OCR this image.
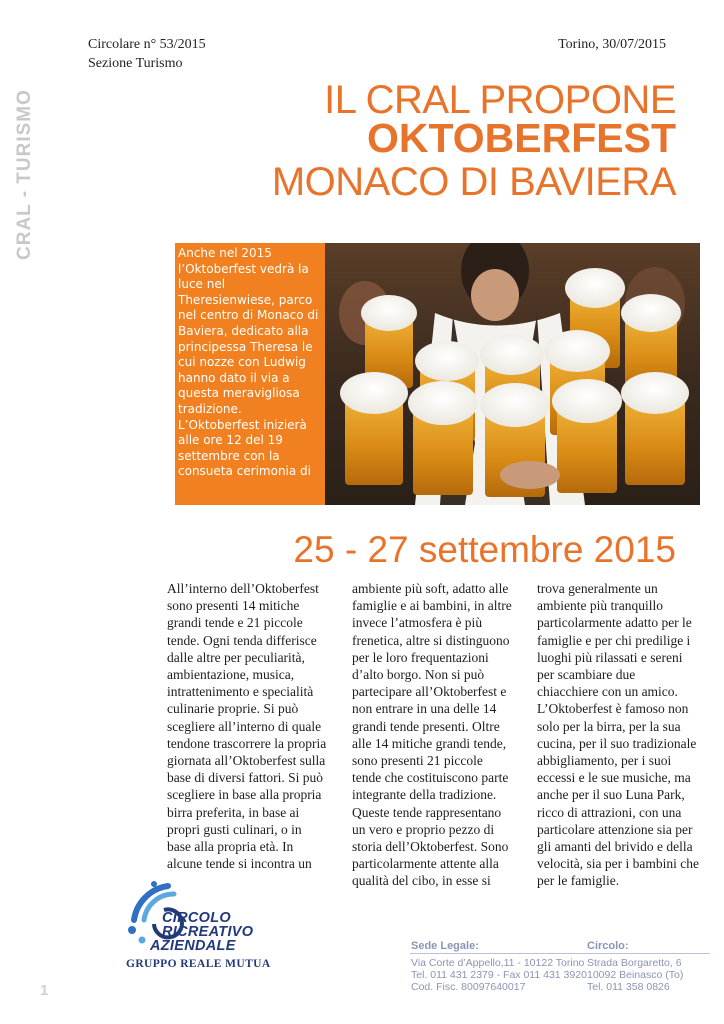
Circolare n° 53/2015
Sezione Turismo
Torino, 30/07/2015
CRAL - TURISMO	IL CRAL PROPONE
OKTOBERFEST
MONACO DI BAVIERA
Anche nel 2015 l’Oktoberfest vedrà la luce nel Theresienwiese, parco nel centro di Monaco di Baviera, dedicato alla principessa Theresa le cui nozze con Ludwig hanno dato il via a questa meravigliosa tradizione. L’Oktoberfest inizierà alle ore 12 del 19 settembre con la consueta cerimonia di
25 - 27 settembre 2015
All’interno dell’Oktoberfest sono presenti 14 mitiche grandi tende e 21 piccole tende. Ogni tenda differisce dalle altre per peculiarità, ambientazione, musica, intrattenimento e specialità culinarie proprie. Si può scegliere all’interno di quale tendone trascorrere la propria giornata all’Oktoberfest sulla base di diversi fattori. Si può scegliere in base alla propria birra preferita, in base ai propri gusti culinari, o in base alla propria età. In alcune tende si incontra un
ambiente più soft, adatto alle famiglie e ai bambini, in altre invece l’atmosfera è più frenetica, altre si distinguono per le loro frequentazioni d’alto borgo. Non si può partecipare all’Oktoberfest e non entrare in una delle 14 grandi tende presenti. Oltre alle 14 mitiche grandi tende, sono presenti 21 piccole tende che costituiscono parte integrante della tradizione. Queste tende rappresentano un vero e proprio pezzo di storia dell’Oktoberfest. Sono particolarmente attente alla qualità del cibo, in esse si
trova generalmente un ambiente più tranquillo particolarmente adatto per le famiglie e per chi predilige i luoghi più rilassati e sereni per scambiare due chiacchiere con un amico. L’Oktoberfest è famoso non solo per la birra, per la sua cucina, per il suo tradizionale abbigliamento, per i suoi eccessi e le sue musiche, ma anche per il suo Luna Park, ricco di attrazioni, con una particolare attenzione sia per gli amanti del brivido e della velocità, sia per i bambini che per le famiglie.
CIRCOLO
RICREATIVO
AZIENDALE
GRUPPO REALE MUTUA
Sede Legale:	Circolo:
Via Corte d’Appello,11 - 10122 Torino
Tel. 011 431 2379 - Fax 011 431 3920
Cod. Fisc. 80097640017
Strada Borgaretto, 6
10092 Beinasco (To)
Tel. 011 358 0826
1
